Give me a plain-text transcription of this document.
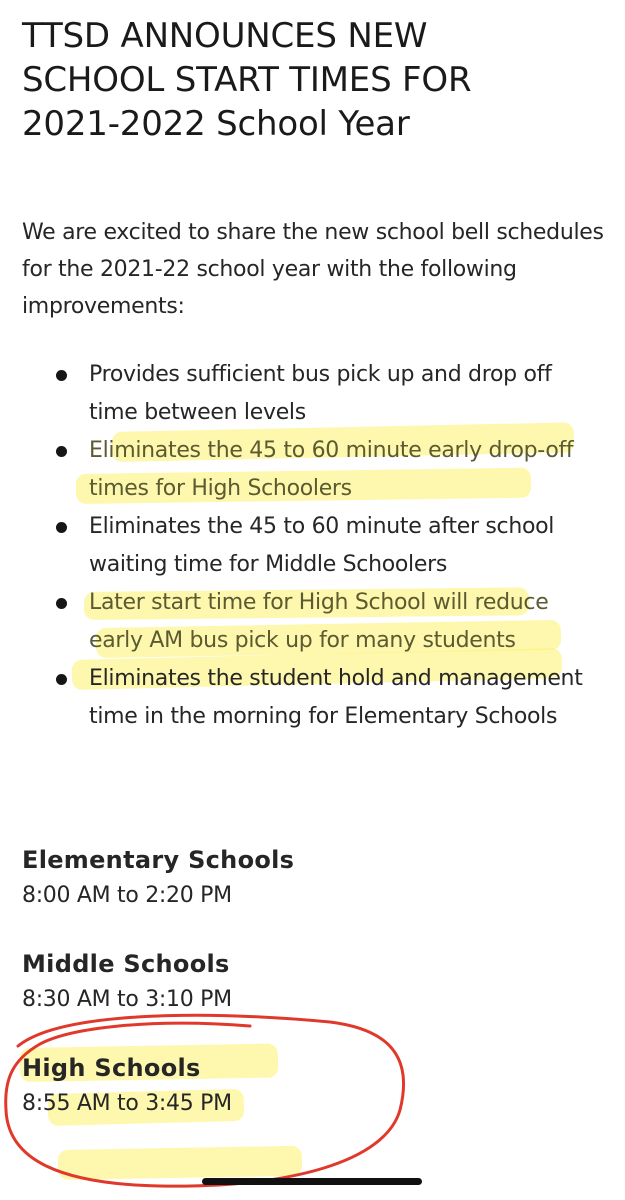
TTSD ANNOUNCES NEW
SCHOOL START TIMES FOR
2021-2022 School Year

We are excited to share the new school bell schedules for the 2021-22 school year with the following improvements:

Provides sufficient bus pick up and drop off time between levels
Eliminates the 45 to 60 minute early drop-off times for High Schoolers
Eliminates the 45 to 60 minute after school waiting time for Middle Schoolers
Later start time for High School will reduce early AM bus pick up for many students
Eliminates the student hold and management time in the morning for Elementary Schools
Elementary Schools
8:00 AM to 2:20 PM
Middle Schools
8:30 AM to 3:10 PM
High Schools
8:55 AM to 3:45 PM
